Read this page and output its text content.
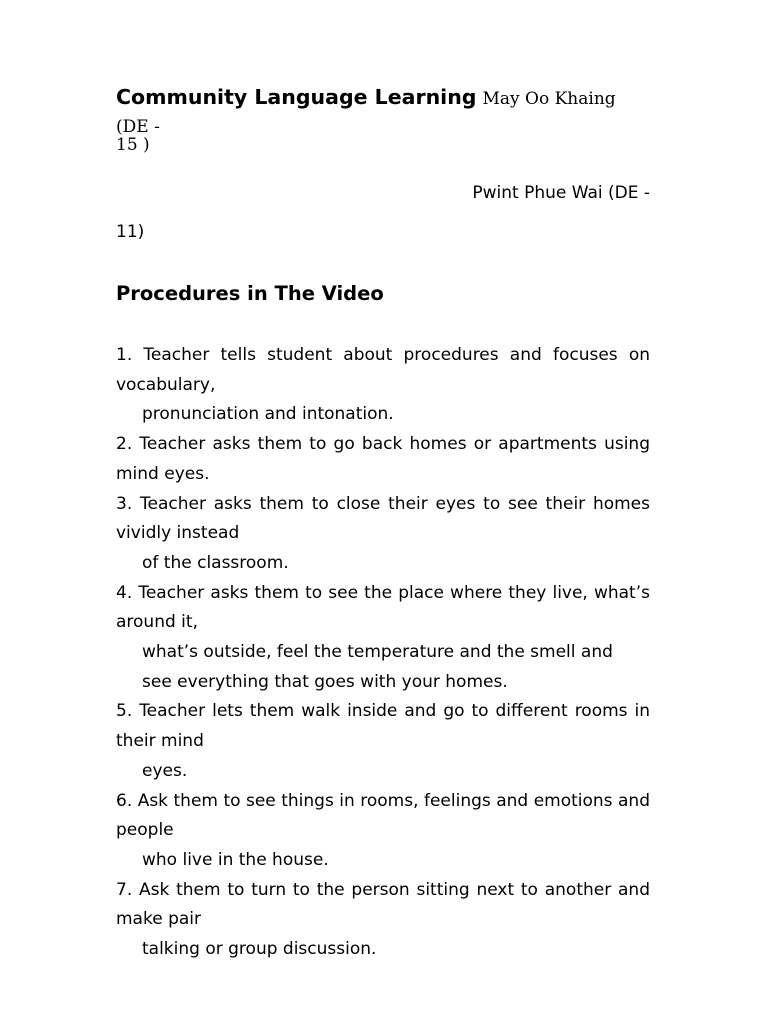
Community Language Learning May Oo Khaing (DE -

15 )

Pwint Phue Wai (DE -

11)

Procedures in The Video
1. Teacher tells student about procedures and focuses on vocabulary,
pronunciation and intonation.
2. Teacher asks them to go back homes or apartments using mind eyes.
3. Teacher asks them to close their eyes to see their homes vividly instead
of the classroom.
4. Teacher asks them to see the place where they live, what’s around it,
what’s outside, feel the temperature and the smell and
see everything that goes with your homes.
5. Teacher lets them walk inside and go to different rooms in their mind
eyes.
6. Ask them to see things in rooms, feelings and emotions and people
who live in the house.
7. Ask them to turn to the person sitting next to another and make pair
talking or group discussion.
